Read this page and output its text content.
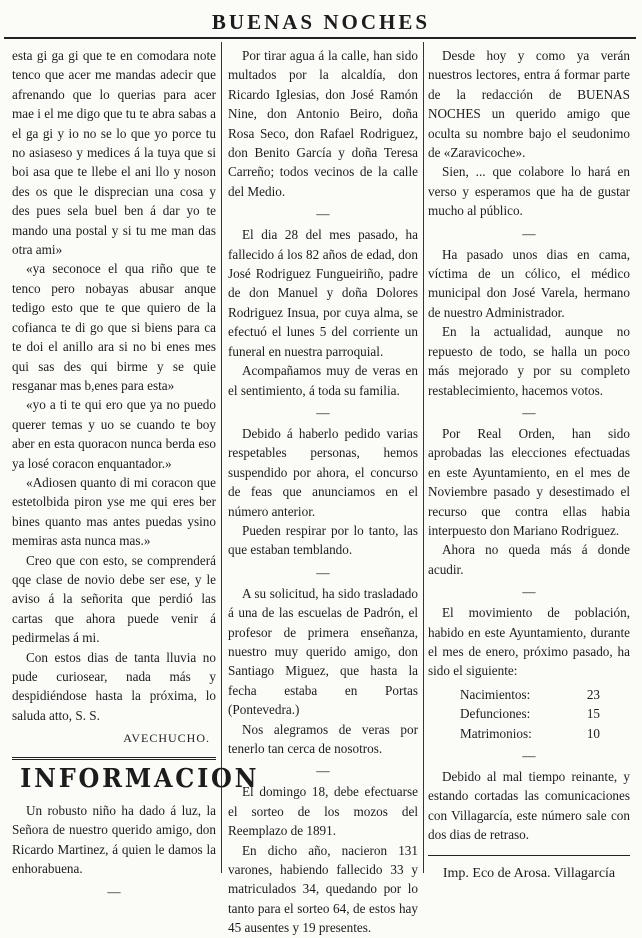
BUENAS NOCHES

esta gi ga gi que te en comodara note tenco que acer me mandas adecir que afrenando que lo querias para acer mae i el me digo que tu te abra sabas a el ga gi y io no se lo que yo porce tu no asiaseso y medices á la tuya que si boi asa que te llebe el ani llo y noson des os que le disprecian una cosa y des pues sela buel ben á dar yo te mando una postal y si tu me man das otra ami»

«ya seconoce el qua riño que te tenco pero nobayas abusar anque tedigo esto que te que quiero de la cofianca te di go que si biens para ca te doi el anillo ara si no bi enes mes qui sas des qui birme y se quie resganar mas b,enes para esta»

«yo a ti te qui ero que ya no puedo querer temas y uo se cuando te boy aber en esta quoracon nunca berda eso ya losé coracon enquantador.»

«Adiosen quanto di mi coracon que estetolbida piron yse me qui eres ber bines quanto mas antes puedas ysino memiras asta nunca mas.»

Creo que con esto, se comprenderá qqe clase de novio debe ser ese, y le aviso á la señorita que perdió las cartas que ahora puede venir á pedirmelas á mi.

Con estos dias de tanta lluvia no pude curiosear, nada más y despidiéndose hasta la próxima, lo saluda atto, S. S.

AVECHUCHO.

INFORMACION

Un robusto niño ha dado á luz, la Señora de nuestro querido amigo, don Ricardo Martinez, á quien le damos la enhorabuena.

—

Por tirar agua á la calle, han sido multados por la alcaldía, don Ricardo Iglesias, don José Ramón Nine, don Antonio Beiro, doña Rosa Seco, don Rafael Rodriguez, don Benito García y doña Teresa Carreño; todos vecinos de la calle del Medio.

—

El dia 28 del mes pasado, ha fallecido á los 82 años de edad, don José Rodriguez Fungueiriño, padre de don Manuel y doña Dolores Rodriguez Insua, por cuya alma, se efectuó el lunes 5 del corriente un funeral en nuestra parroquial.

Acompañamos muy de veras en el sentimiento, á toda su familia.

—

Debido á haberlo pedido varias respetables personas, hemos suspendido por ahora, el concurso de feas que anunciamos en el número anterior.

Pueden respirar por lo tanto, las que estaban temblando.

—

A su solicitud, ha sido trasladado á una de las escuelas de Padrón, el profesor de primera enseñanza, nuestro muy querido amigo, don Santiago Miguez, que hasta la fecha estaba en Portas (Pontevedra.)

Nos alegramos de veras por tenerlo tan cerca de nosotros.

—

El domingo 18, debe efectuarse el sorteo de los mozos del Reemplazo de 1891.

En dicho año, nacieron 131 varones, habiendo fallecido 33 y matriculados 34, quedando por lo tanto para el sorteo 64, de estos hay 45 ausentes y 19 presentes.

Desde hoy y como ya verán nuestros lectores, entra á formar parte de la redacción de BUENAS NOCHES un querido amigo que oculta su nombre bajo el seudonimo de «Zaravicoche».

Sien, ... que colabore lo hará en verso y esperamos que ha de gustar mucho al público.

—

Ha pasado unos dias en cama, víctima de un cólico, el médico municipal don José Varela, hermano de nuestro Administrador.

En la actualidad, aunque no repuesto de todo, se halla un poco más mejorado y por su completo restablecimiento, hacemos votos.

—

Por Real Orden, han sido aprobadas las elecciones efectuadas en este Ayuntamiento, en el mes de Noviembre pasado y desestimado el recurso que contra ellas habia interpuesto don Mariano Rodriguez.

Ahora no queda más á donde acudir.

—

El movimiento de población, habido en este Ayuntamiento, durante el mes de enero, próximo pasado, ha sido el siguiente:

Nacimientos:	23
Defunciones:	15
Matrimonios:	10
—

Debido al mal tiempo reinante, y estando cortadas las comunicaciones con Villagarcía, este número sale con dos dias de retraso.

Imp. Eco de Arosa. Villagarcía
